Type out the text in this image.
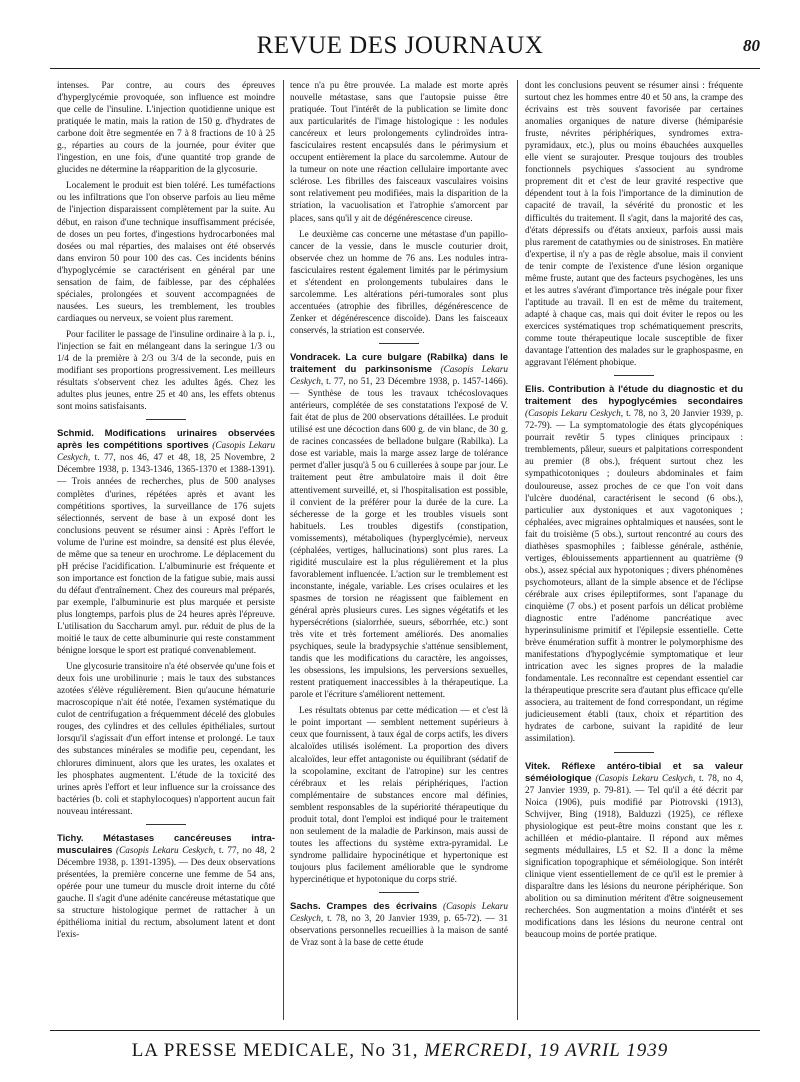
REVUE DES JOURNAUX	80

intenses. Par contre, au cours des épreuves d'hyperglycémie provoquée, son influence est moindre que celle de l'insuline. L'injection quotidienne unique est pratiquée le matin, mais la ration de 150 g. d'hydrates de carbone doit être segmentée en 7 à 8 fractions de 10 à 25 g., réparties au cours de la journée, pour éviter que l'ingestion, en une fois, d'une quantité trop grande de glucides ne détermine la réapparition de la glycosurie.

Localement le produit est bien toléré. Les tuméfactions ou les infiltrations que l'on observe parfois au lieu même de l'injection disparaissent complètement par la suite. Au début, en raison d'une technique insuffisamment précisée, de doses un peu fortes, d'ingestions hydrocarbonées mal dosées ou mal réparties, des malaises ont été observés dans environ 50 pour 100 des cas. Ces incidents bénins d'hypoglycémie se caractérisent en général par une sensation de faim, de faiblesse, par des céphalées spéciales, prolongées et souvent accompagnées de nausées. Les sueurs, les tremblement, les troubles cardiaques ou nerveux, se voient plus rarement.

Pour faciliter le passage de l'insuline ordinaire à la p. i., l'injection se fait en mélangeant dans la seringue 1/3 ou 1/4 de la première à 2/3 ou 3/4 de la seconde, puis en modifiant ses proportions progressivement. Les meilleurs résultats s'observent chez les adultes âgés. Chez les adultes plus jeunes, entre 25 et 40 ans, les effets obtenus sont moins satisfaisants.

Schmid. Modifications urinaires observées après les compétitions sportives (Casopis Lekaru Ceskych, t. 77, nos 46, 47 et 48, 18, 25 Novembre, 2 Décembre 1938, p. 1343-1346, 1365-1370 et 1388-1391). — Trois années de recherches, plus de 500 analyses complètes d'urines, répétées après et avant les compétitions sportives, la surveillance de 176 sujets sélectionnés, servent de base à un exposé dont les conclusions peuvent se résumer ainsi : Après l'effort le volume de l'urine est moindre, sa densité est plus élevée, de même que sa teneur en urochrome. Le déplacement du pH précise l'acidification. L'albuminurie est fréquente et son importance est fonction de la fatigue subie, mais aussi du défaut d'entraînement. Chez des coureurs mal préparés, par exemple, l'albuminurie est plus marquée et persiste plus longtemps, parfois plus de 24 heures après l'épreuve. L'utilisation du Saccharum amyl. pur. réduit de plus de la moitié le taux de cette albuminurie qui reste constamment bénigne lorsque le sport est pratiqué convenablement.

Une glycosurie transitoire n'a été observée qu'une fois et deux fois une urobilinurie ; mais le taux des substances azotées s'élève régulièrement. Bien qu'aucune hématurie macroscopique n'ait été notée, l'examen systématique du culot de centrifugation a fréquemment décelé des globules rouges, des cylindres et des cellules épithéliales, surtout lorsqu'il s'agissait d'un effort intense et prolongé. Le taux des substances minérales se modifie peu, cependant, les chlorures diminuent, alors que les urates, les oxalates et les phosphates augmentent. L'étude de la toxicité des urines après l'effort et leur influence sur la croissance des bactéries (b. coli et staphylocoques) n'apportent aucun fait nouveau intéressant.

Tichy. Métastases cancéreuses intra-musculaires (Casopis Lekaru Ceskych, t. 77, no 48, 2 Décembre 1938, p. 1391-1395). — Des deux observations présentées, la première concerne une femme de 54 ans, opérée pour une tumeur du muscle droit interne du côté gauche. Il s'agit d'une adénite cancéreuse métastatique que sa structure histologique permet de rattacher à un épithélioma initial du rectum, absolument latent et dont l'exis-

tence n'a pu être prouvée. La malade est morte après nouvelle métastase, sans que l'autopsie puisse être pratiquée. Tout l'intérêt de la publication se limite donc aux particularités de l'image histologique : les nodules cancéreux et leurs prolongements cylindroïdes intra-fasciculaires restent encapsulés dans le périmysium et occupent entièrement la place du sarcolemme. Autour de la tumeur on note une réaction cellulaire importante avec sclérose. Les fibrilles des faisceaux vasculaires voisins sont relativement peu modifiées, mais la disparition de la striation, la vacuolisation et l'atrophie s'amorcent par places, sans qu'il y ait de dégénérescence cireuse.

Le deuxième cas concerne une métastase d'un papillo-cancer de la vessie, dans le muscle couturier droit, observée chez un homme de 76 ans. Les nodules intra-fasciculaires restent également limités par le périmysium et s'étendent en prolongements tubulaires dans le sarcolemme. Les altérations péri-tumorales sont plus accentuées (atrophie des fibrilles, dégénérescence de Zenker et dégénérescence discoïde). Dans les faisceaux conservés, la striation est conservée.

Vondracek. La cure bulgare (Rabilka) dans le traitement du parkinsonisme (Casopis Lekaru Ceskych, t. 77, no 51, 23 Décembre 1938, p. 1457-1466). — Synthèse de tous les travaux tchécoslovaques antérieurs, complétée de ses constatations l'exposé de V. fait état de plus de 200 observations détaillées. Le produit utilisé est une décoction dans 600 g. de vin blanc, de 30 g. de racines concassées de belladone bulgare (Rabilka). La dose est variable, mais la marge assez large de tolérance permet d'aller jusqu'à 5 ou 6 cuillerées à soupe par jour. Le traitement peut être ambulatoire mais il doit être attentivement surveillé, et, si l'hospitalisation est possible, il convient de la préférer pour la durée de la cure. La sécheresse de la gorge et les troubles visuels sont habituels. Les troubles digestifs (constipation, vomissements), métaboliques (hyperglycémie), nerveux (céphalées, vertiges, hallucinations) sont plus rares. La rigidité musculaire est la plus régulièrement et la plus favorablement influencée. L'action sur le tremblement est inconstante, inégale, variable. Les crises oculaires et les spasmes de torsion ne réagissent que faiblement en général après plusieurs cures. Les signes végétatifs et les hypersécrétions (sialorrhée, sueurs, séborrhée, etc.) sont très vite et très fortement améliorés. Des anomalies psychiques, seule la bradypsychie s'atténue sensiblement, tandis que les modifications du caractère, les angoisses, les obsessions, les impulsions, les perversions sexuelles, restent pratiquement inaccessibles à la thérapeutique. La parole et l'écriture s'améliorent nettement.

Les résultats obtenus par cette médication — et c'est là le point important — semblent nettement supérieurs à ceux que fournissent, à taux égal de corps actifs, les divers alcaloïdes utilisés isolément. La proportion des divers alcaloïdes, leur effet antagoniste ou équilibrant (sédatif de la scopolamine, excitant de l'atropine) sur les centres cérébraux et les relais périphériques, l'action complémentaire de substances encore mal définies, semblent responsables de la supériorité thérapeutique du produit total, dont l'emploi est indiqué pour le traitement non seulement de la maladie de Parkinson, mais aussi de toutes les affections du système extra-pyramidal. Le syndrome pallidaire hypocinétique et hypertonique est toujours plus facilement améliorable que le syndrome hypercinétique et hypotonique du corps strié.

Sachs. Crampes des écrivains (Casopis Lekaru Ceskych, t. 78, no 3, 20 Janvier 1939, p. 65-72). — 31 observations personnelles recueillies à la maison de santé de Vraz sont à la base de cette étude

dont les conclusions peuvent se résumer ainsi : fréquente surtout chez les hommes entre 40 et 50 ans, la crampe des écrivains est très souvent favorisée par certaines anomalies organiques de nature diverse (hémiparésie fruste, névrites périphériques, syndromes extra-pyramidaux, etc.), plus ou moins ébauchées auxquelles elle vient se surajouter. Presque toujours des troubles fonctionnels psychiques s'associent au syndrome proprement dit et c'est de leur gravité respective que dépendent tout à la fois l'importance de la diminution de capacité de travail, la sévérité du pronostic et les difficultés du traitement. Il s'agit, dans la majorité des cas, d'états dépressifs ou d'états anxieux, parfois aussi mais plus rarement de catathymies ou de sinistroses. En matière d'expertise, il n'y a pas de règle absolue, mais il convient de tenir compte de l'existence d'une lésion organique même fruste, autant que des facteurs psychogènes, les uns et les autres s'avérant d'importance très inégale pour fixer l'aptitude au travail. Il en est de même du traitement, adapté à chaque cas, mais qui doit éviter le repos ou les exercices systématiques trop schématiquement prescrits, comme toute thérapeutique locale susceptible de fixer davantage l'attention des malades sur le graphospasme, en aggravant l'élément phobique.

Elis. Contribution à l'étude du diagnostic et du traitement des hypoglycémies secondaires (Casopis Lekaru Ceskych, t. 78, no 3, 20 Janvier 1939, p. 72-79). — La symptomatologie des états glycopéniques pourrait revêtir 5 types cliniques principaux : tremblements, pâleur, sueurs et palpitations correspondent au premier (8 obs.), fréquent surtout chez les sympathicotoniques ; douleurs abdominales et faim douloureuse, assez proches de ce que l'on voit dans l'ulcère duodénal, caractérisent le second (6 obs.), particulier aux dystoniques et aux vagotoniques ; céphalées, avec migraines ophtalmiques et nausées, sont le fait du troisième (5 obs.), surtout rencontré au cours des diathèses spasmophiles ; faiblesse générale, asthénie, vertiges, éblouissements appartiennent au quatrième (9 obs.), assez spécial aux hypotoniques ; divers phénomènes psychomoteurs, allant de la simple absence et de l'éclipse cérébrale aux crises épileptiformes, sont l'apanage du cinquième (7 obs.) et posent parfois un délicat problème diagnostic entre l'adénome pancréatique avec hyperinsulinisme primitif et l'épilepsie essentielle. Cette brève énumération suffit à montrer le polymorphisme des manifestations d'hypoglycémie symptomatique et leur intrication avec les signes propres de la maladie fondamentale. Les reconnaître est cependant essentiel car la thérapeutique prescrite sera d'autant plus efficace qu'elle associera, au traitement de fond correspondant, un régime judicieusement établi (taux, choix et répartition des hydrates de carbone, suivant la rapidité de leur assimilation).

Vitek. Réflexe antéro-tibial et sa valeur séméiologique (Casopis Lekaru Ceskych, t. 78, no 4, 27 Janvier 1939, p. 79-81). — Tel qu'il a été décrit par Noica (1906), puis modifié par Piotrovski (1913), Schvijver, Bing (1918), Balduzzi (1925), ce réflexe physiologique est peut-être moins constant que les r. achilléen et médio-plantaire. Il répond aux mêmes segments médullaires, L5 et S2. Il a donc la même signification topographique et séméiologique. Son intérêt clinique vient essentiellement de ce qu'il est le premier à disparaître dans les lésions du neurone périphérique. Son abolition ou sa diminution méritent d'être soigneusement recherchées. Son augmentation a moins d'intérêt et ses modifications dans les lésions du neurone central ont beaucoup moins de portée pratique.

LA PRESSE MEDICALE, No 31, MERCREDI, 19 AVRIL 1939
